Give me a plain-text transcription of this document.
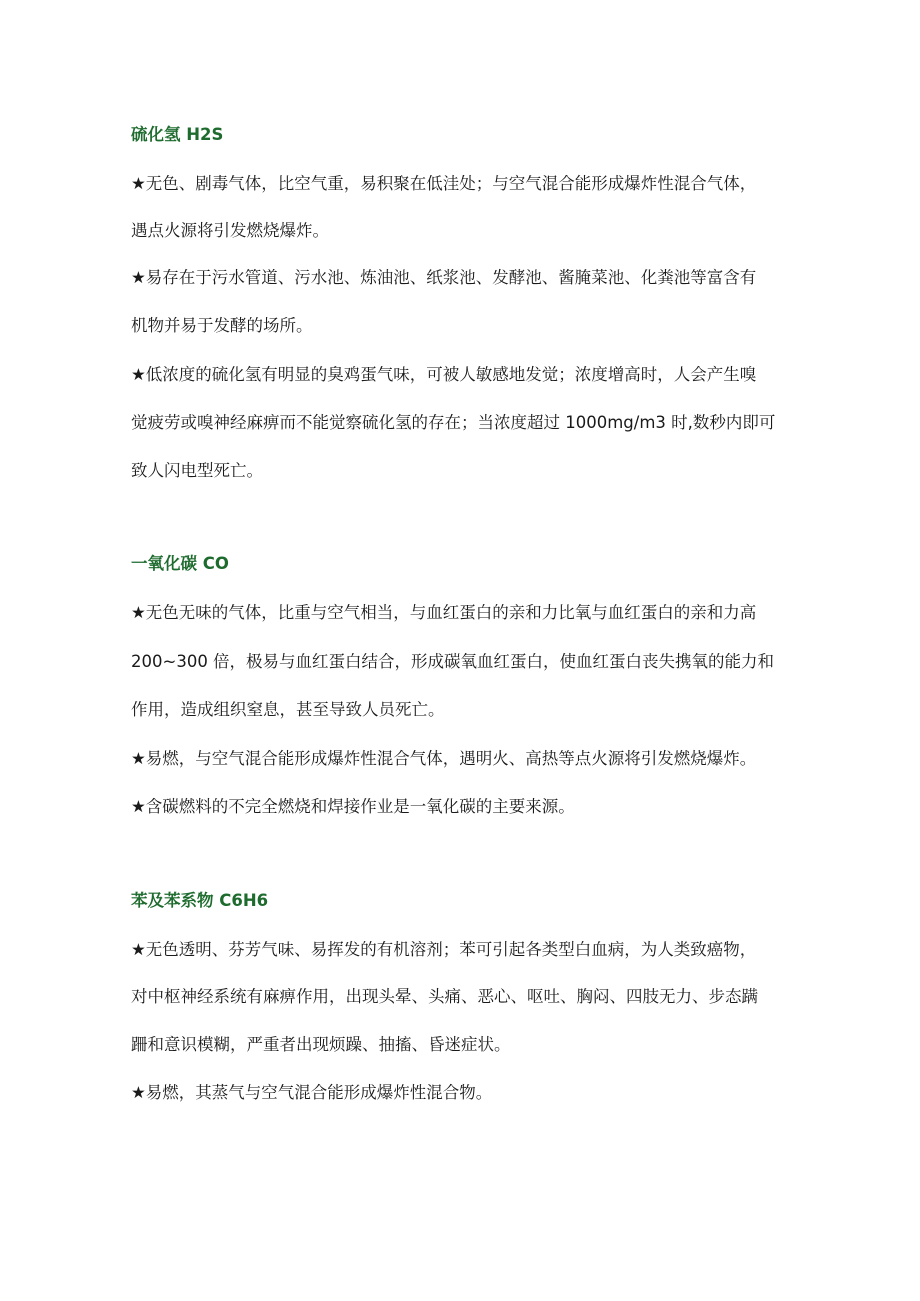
硫化氢 H2S
★无色、剧毒气体，比空气重，易积聚在低洼处；与空气混合能形成爆炸性混合气体，
遇点火源将引发燃烧爆炸。
★易存在于污水管道、污水池、炼油池、纸浆池、发酵池、酱腌菜池、化粪池等富含有
机物并易于发酵的场所。
★低浓度的硫化氢有明显的臭鸡蛋气味，可被人敏感地发觉；浓度增高时，人会产生嗅
觉疲劳或嗅神经麻痹而不能觉察硫化氢的存在；当浓度超过 1000mg/m3 时,数秒内即可
致人闪电型死亡。
一氧化碳 CO
★无色无味的气体，比重与空气相当，与血红蛋白的亲和力比氧与血红蛋白的亲和力高
200~300 倍，极易与血红蛋白结合，形成碳氧血红蛋白，使血红蛋白丧失携氧的能力和
作用，造成组织窒息，甚至导致人员死亡。
★易燃，与空气混合能形成爆炸性混合气体，遇明火、高热等点火源将引发燃烧爆炸。
★含碳燃料的不完全燃烧和焊接作业是一氧化碳的主要来源。
苯及苯系物 C6H6
★无色透明、芬芳气味、易挥发的有机溶剂；苯可引起各类型白血病，为人类致癌物，
对中枢神经系统有麻痹作用，出现头晕、头痛、恶心、呕吐、胸闷、四肢无力、步态蹒
跚和意识模糊，严重者出现烦躁、抽搐、昏迷症状。
★易燃，其蒸气与空气混合能形成爆炸性混合物。
